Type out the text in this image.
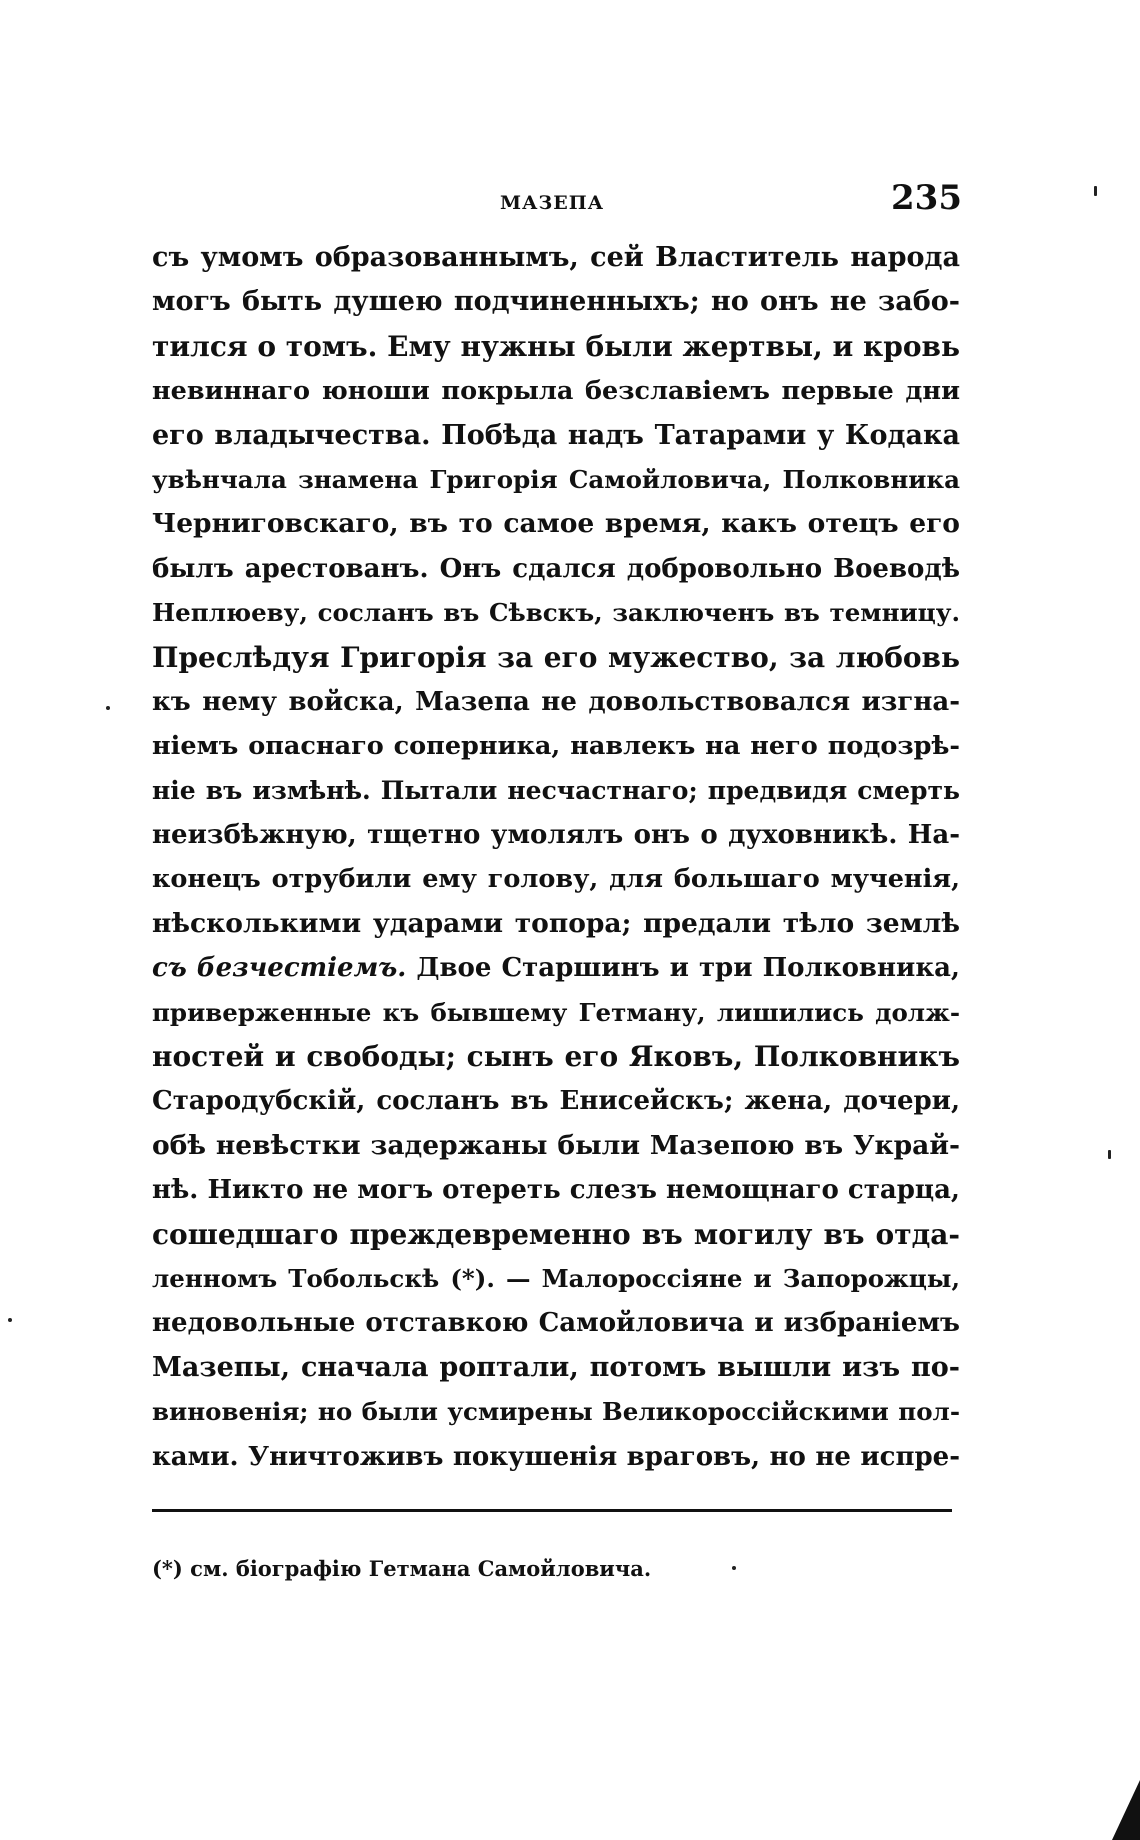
МАЗЕПА	235
съ умомъ образованнымъ, сей Властитель народа
могъ быть душею подчиненныхъ; но онъ не забо-
тился о томъ. Ему нужны были жертвы, и кровь
невиннаго юноши покрыла безславіемъ первые дни
его владычества. Побѣда надъ Татарами у Кодака
увѣнчала знамена Григорія Самойловича, Полковника
Черниговскаго, въ то самое время, какъ отецъ его
былъ арестованъ. Онъ сдался добровольно Воеводѣ
Неплюеву, сосланъ въ Сѣвскъ, заключенъ въ темницу.
Преслѣдуя Григорія за его мужество, за любовь
къ нему войска, Мазепа не довольствовался изгна-
ніемъ опаснаго соперника, навлекъ на него подозрѣ-
ніе въ измѣнѣ. Пытали несчастнаго; предвидя смерть
неизбѣжную, тщетно умолялъ онъ о духовникѣ. На-
конецъ отрубили ему голову, для большаго мученія,
нѣсколькими ударами топора; предали тѣло землѣ
съ безчестіемъ. Двое Старшинъ и три Полковника,
приверженные къ бывшему Гетману, лишились долж-
ностей и свободы; сынъ его Яковъ, Полковникъ
Стародубскій, сосланъ въ Енисейскъ; жена, дочери,
обѣ невѣстки задержаны были Мазепою въ Украй-
нѣ. Никто не могъ отереть слезъ немощнаго старца,
сошедшаго преждевременно въ могилу въ отда-
ленномъ Тобольскѣ (*). — Малороссіяне и Запорожцы,
недовольные отставкою Самойловича и избраніемъ
Мазепы, сначала роптали, потомъ вышли изъ по-
виновенія; но были усмирены Великороссійскими пол-
ками. Уничтоживъ покушенія враговъ, но не испре-
(*) см. біографію Гетмана Самойловича.
